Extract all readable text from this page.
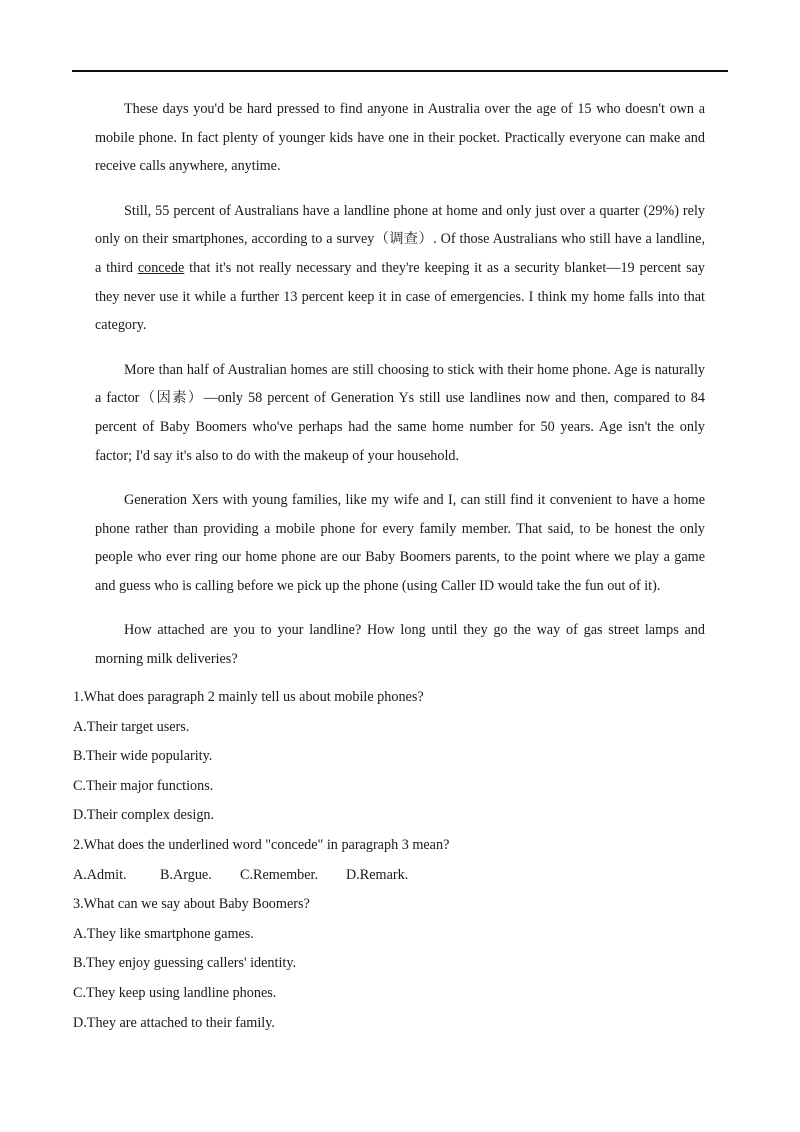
These days you'd be hard pressed to find anyone in Australia over the age of 15 who doesn't own a mobile phone. In fact plenty of younger kids have one in their pocket. Practically everyone can make and receive calls anywhere, anytime.

Still, 55 percent of Australians have a landline phone at home and only just over a quarter (29%) rely only on their smartphones, according to a survey（调查）. Of those Australians who still have a landline, a third concede that it's not really necessary and they're keeping it as a security blanket—19 percent say they never use it while a further 13 percent keep it in case of emergencies. I think my home falls into that category.

More than half of Australian homes are still choosing to stick with their home phone. Age is naturally a factor（因素）—only 58 percent of Generation Ys still use landlines now and then, compared to 84 percent of Baby Boomers who've perhaps had the same home number for 50 years. Age isn't the only factor; I'd say it's also to do with the makeup of your household.

Generation Xers with young families, like my wife and I, can still find it convenient to have a home phone rather than providing a mobile phone for every family member. That said, to be honest the only people who ever ring our home phone are our Baby Boomers parents, to the point where we play a game and guess who is calling before we pick up the phone (using Caller ID would take the fun out of it).

How attached are you to your landline? How long until they go the way of gas street lamps and morning milk deliveries?

1.What does paragraph 2 mainly tell us about mobile phones?
A.Their target users.
B.Their wide popularity.
C.Their major functions.
D.Their complex design.
2.What does the underlined word "concede" in paragraph 3 mean?
A.Admit. B.Argue. C.Remember. D.Remark.
3.What can we say about Baby Boomers?
A.They like smartphone games.
B.They enjoy guessing callers' identity.
C.They keep using landline phones.
D.They are attached to their family.
